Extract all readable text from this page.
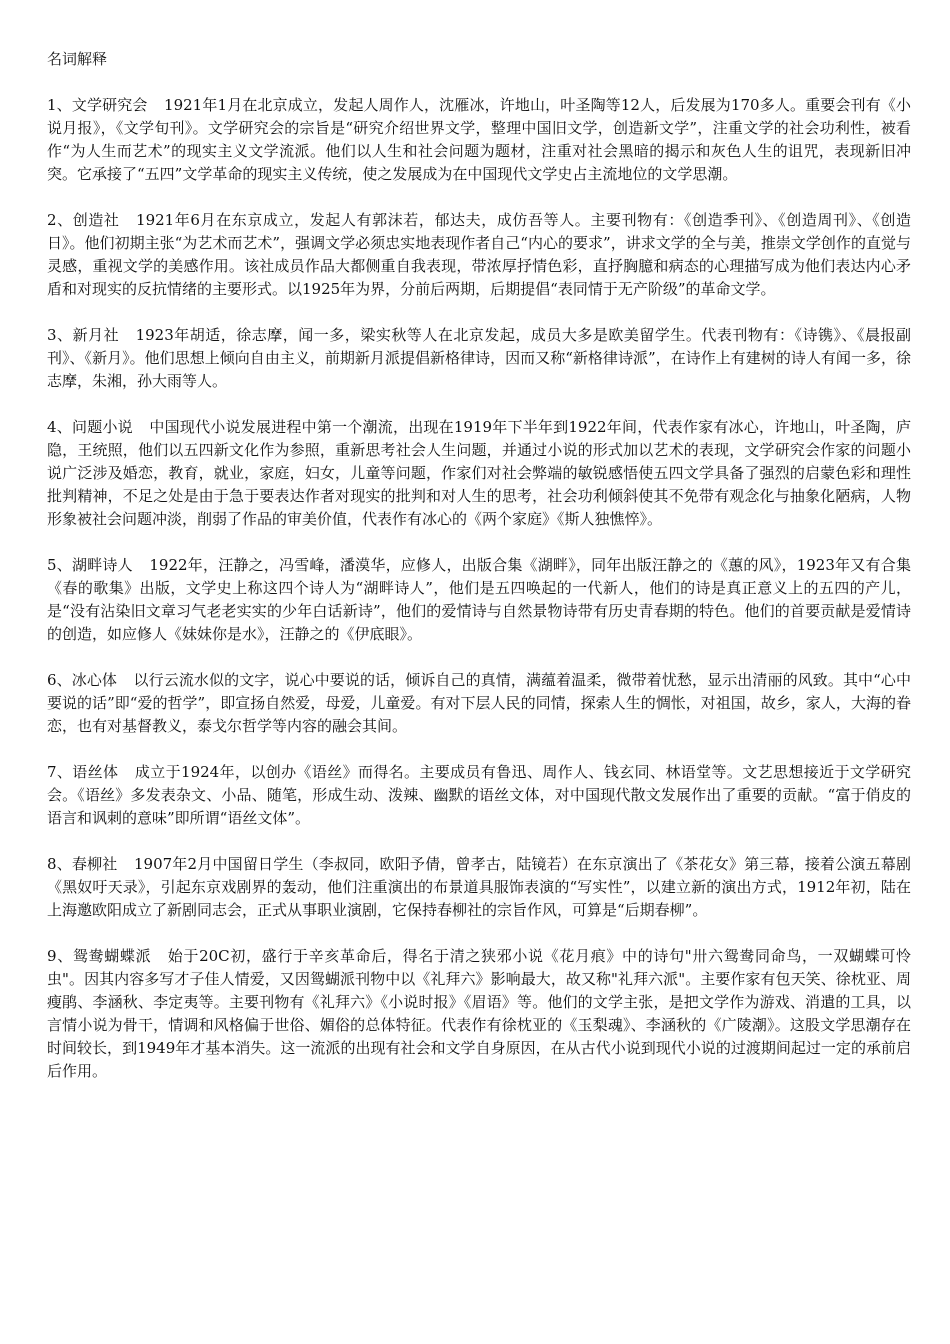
名词解释

1、文学研究会 1921年1月在北京成立，发起人周作人，沈雁冰，许地山，叶圣陶等12人，后发展为170多人。重要会刊有《小说月报》，《文学旬刊》。文学研究会的宗旨是“研究介绍世界文学，整理中国旧文学，创造新文学”，注重文学的社会功利性，被看作“为人生而艺术”的现实主义文学流派。他们以人生和社会问题为题材，注重对社会黑暗的揭示和灰色人生的诅咒，表现新旧冲突。它承接了“五四”文学革命的现实主义传统，使之发展成为在中国现代文学史占主流地位的文学思潮。

2、创造社 1921年6月在东京成立，发起人有郭沫若，郁达夫，成仿吾等人。主要刊物有：《创造季刊》、《创造周刊》、《创造日》。他们初期主张“为艺术而艺术”，强调文学必须忠实地表现作者自己“内心的要求”，讲求文学的全与美，推崇文学创作的直觉与灵感，重视文学的美感作用。该社成员作品大都侧重自我表现，带浓厚抒情色彩，直抒胸臆和病态的心理描写成为他们表达内心矛盾和对现实的反抗情绪的主要形式。以1925年为界，分前后两期，后期提倡“表同情于无产阶级”的革命文学。

3、新月社 1923年胡适，徐志摩，闻一多，梁实秋等人在北京发起，成员大多是欧美留学生。代表刊物有：《诗镌》、《晨报副刊》、《新月》。他们思想上倾向自由主义，前期新月派提倡新格律诗，因而又称“新格律诗派”，在诗作上有建树的诗人有闻一多，徐志摩，朱湘，孙大雨等人。

4、问题小说 中国现代小说发展进程中第一个潮流，出现在1919年下半年到1922年间，代表作家有冰心，许地山，叶圣陶，庐隐，王统照，他们以五四新文化作为参照，重新思考社会人生问题，并通过小说的形式加以艺术的表现，文学研究会作家的问题小说广泛涉及婚恋，教育，就业，家庭，妇女，儿童等问题，作家们对社会弊端的敏锐感悟使五四文学具备了强烈的启蒙色彩和理性批判精神，不足之处是由于急于要表达作者对现实的批判和对人生的思考，社会功利倾斜使其不免带有观念化与抽象化陋病，人物形象被社会问题冲淡，削弱了作品的审美价值，代表作有冰心的《两个家庭》《斯人独憔悴》。

5、湖畔诗人 1922年，汪静之，冯雪峰，潘漠华，应修人，出版合集《湖畔》，同年出版汪静之的《蕙的风》，1923年又有合集《春的歌集》出版，文学史上称这四个诗人为“湖畔诗人”，他们是五四唤起的一代新人，他们的诗是真正意义上的五四的产儿，是“没有沾染旧文章习气老老实实的少年白话新诗”，他们的爱情诗与自然景物诗带有历史青春期的特色。他们的首要贡献是爱情诗的创造，如应修人《妹妹你是水》，汪静之的《伊底眼》。

6、冰心体 以行云流水似的文字，说心中要说的话，倾诉自己的真情，满蕴着温柔，微带着忧愁，显示出清丽的风致。其中“心中要说的话”即“爱的哲学”，即宣扬自然爱，母爱，儿童爱。有对下层人民的同情，探索人生的惆怅，对祖国，故乡，家人，大海的眷恋，也有对基督教义，泰戈尔哲学等内容的融会其间。

7、语丝体 成立于1924年，以创办《语丝》而得名。主要成员有鲁迅、周作人、钱玄同、林语堂等。文艺思想接近于文学研究会。《语丝》多发表杂文、小品、随笔，形成生动、泼辣、幽默的语丝文体，对中国现代散文发展作出了重要的贡献。“富于俏皮的语言和讽刺的意味”即所谓“语丝文体”。

8、春柳社 1907年2月中国留日学生（李叔同，欧阳予倩，曾孝古，陆镜若）在东京演出了《茶花女》第三幕，接着公演五幕剧《黑奴吁天录》，引起东京戏剧界的轰动，他们注重演出的布景道具服饰表演的“写实性”，以建立新的演出方式，1912年初，陆在上海邀欧阳成立了新剧同志会，正式从事职业演剧，它保持春柳社的宗旨作风，可算是“后期春柳”。

9、鸳鸯蝴蝶派 始于20C初，盛行于辛亥革命后，得名于清之狭邪小说《花月痕》中的诗句"卅六鸳鸯同命鸟，一双蝴蝶可怜虫"。因其内容多写才子佳人情爱，又因鸳蝴派刊物中以《礼拜六》影响最大，故又称"礼拜六派"。主要作家有包天笑、徐枕亚、周瘦鹃、李涵秋、李定夷等。主要刊物有《礼拜六》《小说时报》《眉语》等。他们的文学主张，是把文学作为游戏、消遣的工具，以言情小说为骨干，情调和风格偏于世俗、媚俗的总体特征。代表作有徐枕亚的《玉梨魂》、李涵秋的《广陵潮》。这股文学思潮存在时间较长，到1949年才基本消失。这一流派的出现有社会和文学自身原因，在从古代小说到现代小说的过渡期间起过一定的承前启后作用。
